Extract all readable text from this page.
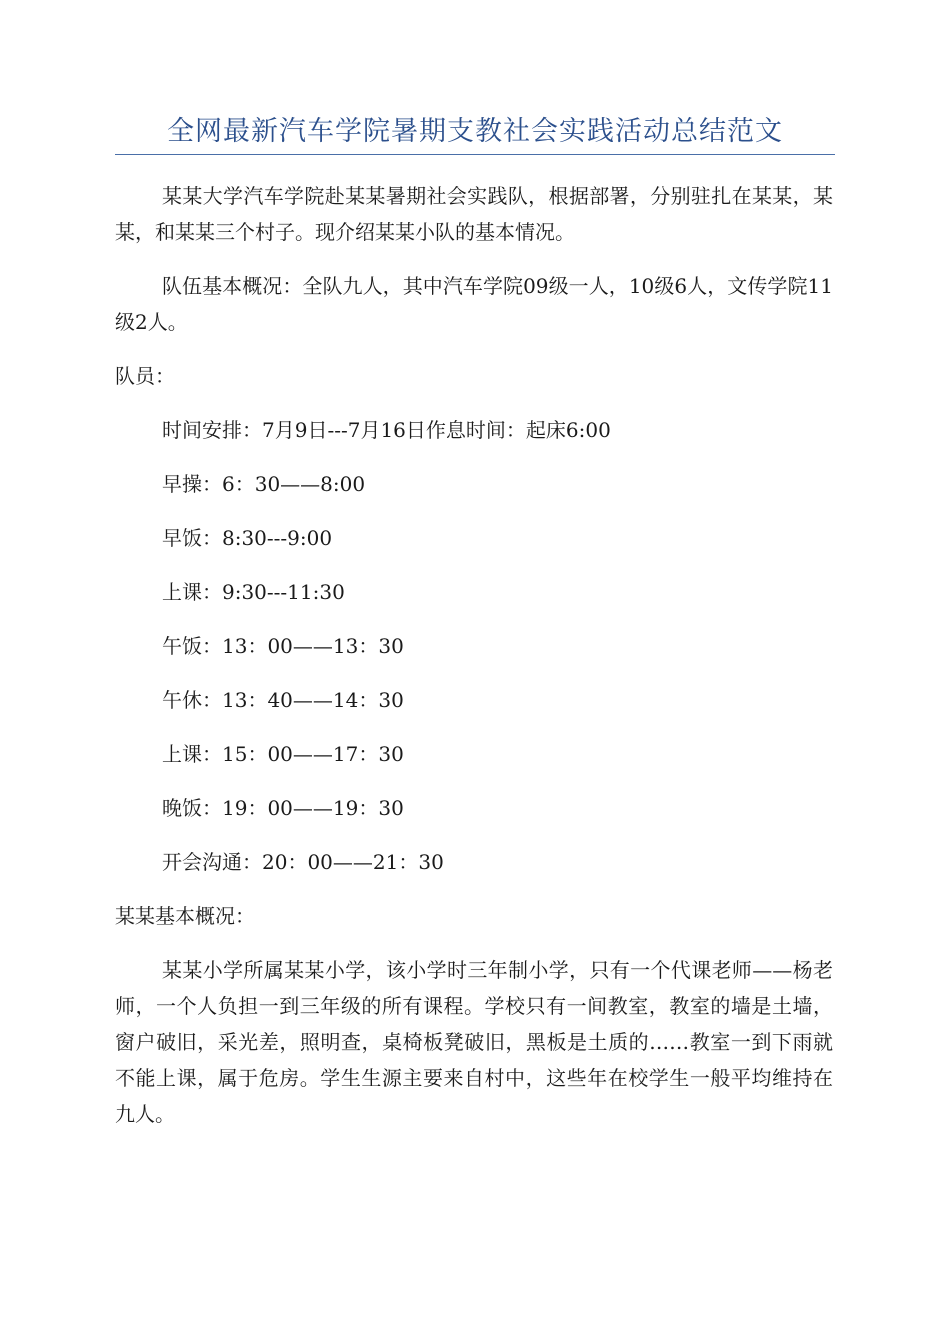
全网最新汽车学院暑期支教社会实践活动总结范文

某某大学汽车学院赴某某暑期社会实践队，根据部署，分别驻扎在某某，某某，和某某三个村子。现介绍某某小队的基本情况。

队伍基本概况：全队九人，其中汽车学院09级一人，10级6人，文传学院11级2人。

队员：

时间安排：7月9日---7月16日作息时间：起床6:00

早操：6：30——8:00

早饭：8:30---9:00

上课：9:30---11:30

午饭：13：00——13：30

午休：13：40——14：30

上课：15：00——17：30

晚饭：19：00——19：30

开会沟通：20：00——21：30

某某基本概况：

某某小学所属某某小学，该小学时三年制小学，只有一个代课老师——杨老师，一个人负担一到三年级的所有课程。学校只有一间教室，教室的墙是土墙，窗户破旧，采光差，照明查，桌椅板凳破旧，黑板是土质的……教室一到下雨就不能上课，属于危房。学生生源主要来自村中，这些年在校学生一般平均维持在九人。
